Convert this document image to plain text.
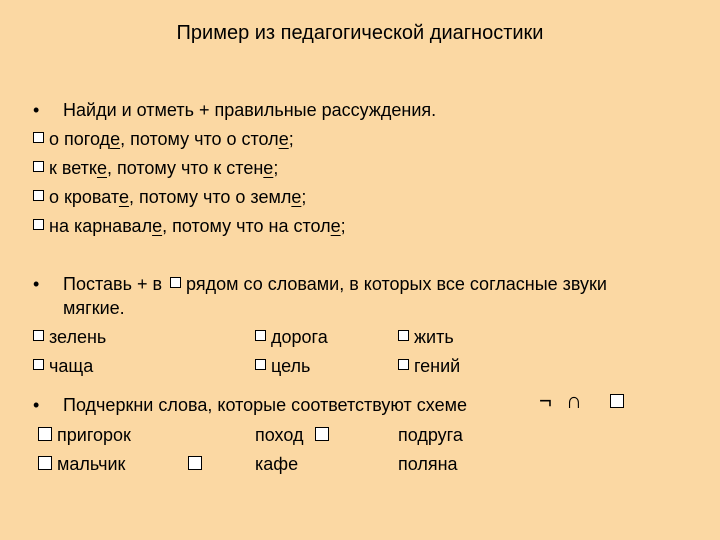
Пример из педагогической диагностики
• Найди и отметь + правильные рассуждения.
о погоде, потому что о столе;
к ветке, потому что к стене;
о кровате, потому что о земле;
на карнавале, потому что на столе;
• Поставь + в рядом со словами, в которых все согласные звуки
мягкие.
зелень	дорога	жить
чаща	цель	гений
• Подчеркни слова, которые соответствуют схеме	¬ ∩
пригорок	поход	подруга
мальчик	кафе	поляна
